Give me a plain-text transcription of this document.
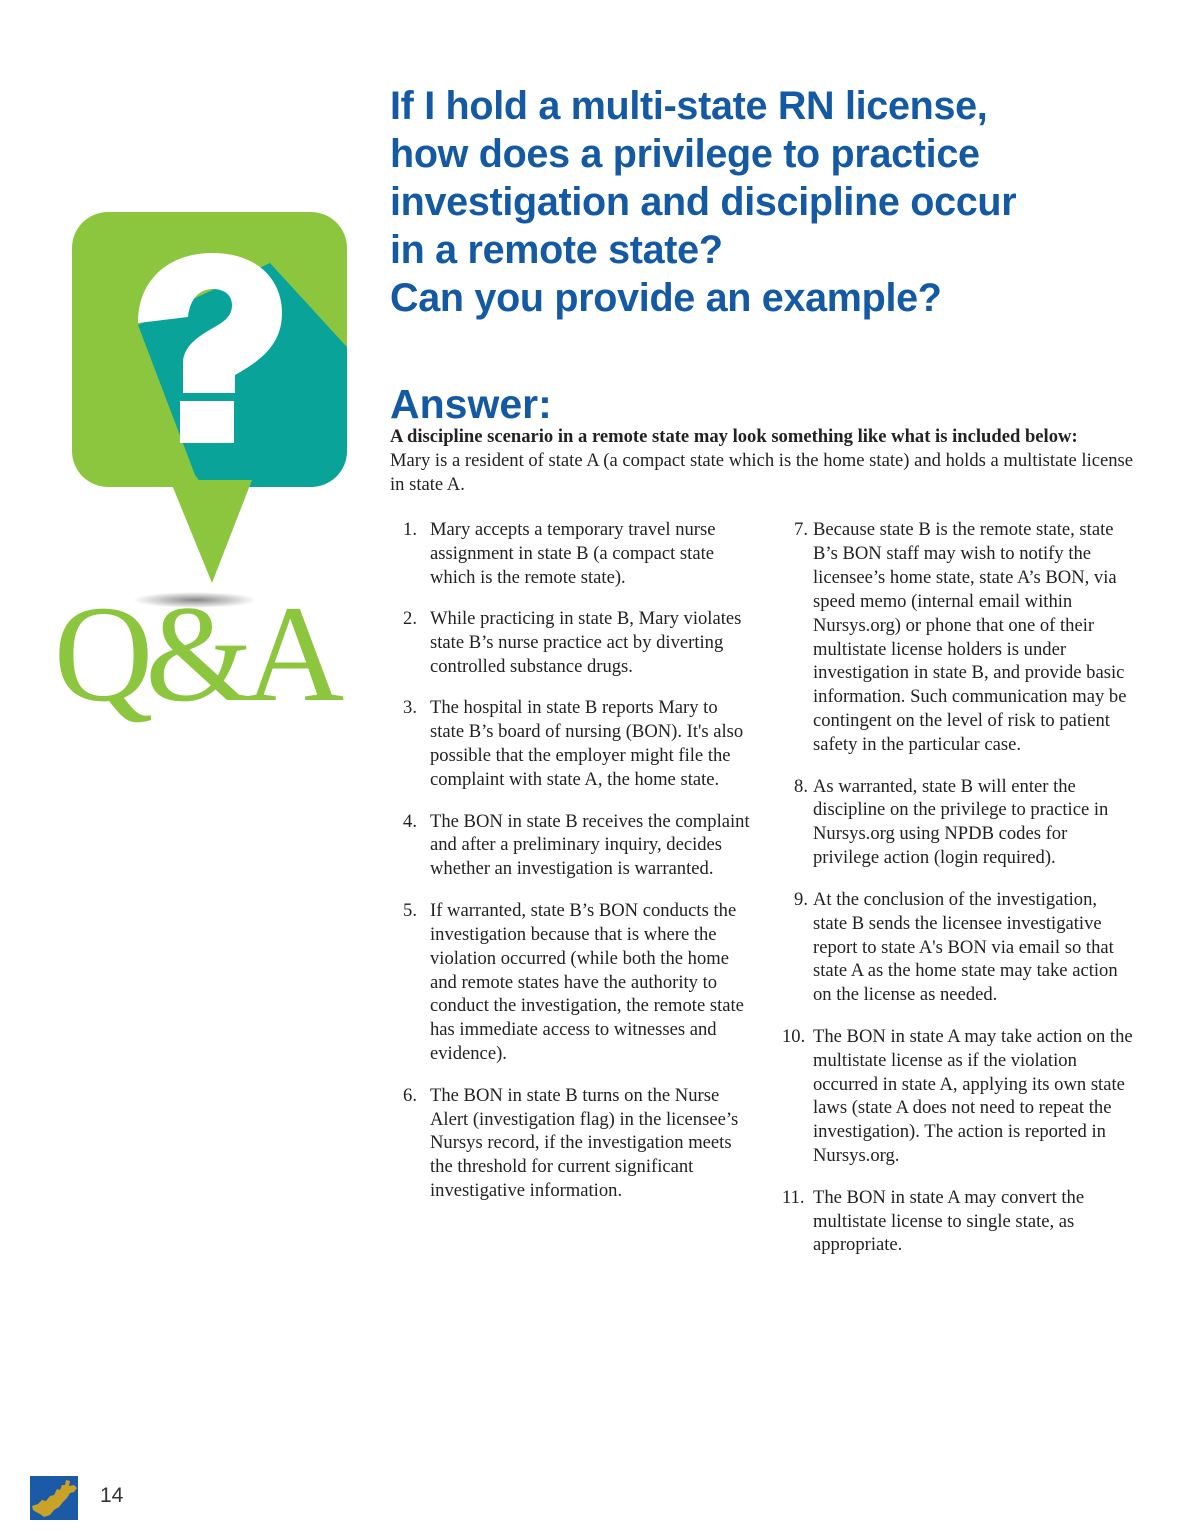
Q&A
If I hold a multi-state RN license,
how does a privilege to practice
investigation and discipline occur
in a remote state?
Can you provide an example?
Answer:
A discipline scenario in a remote state may look something like what is included below:
Mary is a resident of state A (a compact state which is the home state) and holds a multistate license in state A.
1. Mary accepts a temporary travel nurse assignment in state B (a compact state which is the remote state).
2. While practicing in state B, Mary violates state B’s nurse practice act by diverting controlled substance drugs.
3. The hospital in state B reports Mary to state B’s board of nursing (BON). It's also possible that the employer might file the complaint with state A, the home state.
4. The BON in state B receives the complaint and after a preliminary inquiry, decides whether an investigation is warranted.
5. If warranted, state B’s BON conducts the investigation because that is where the violation occurred (while both the home and remote states have the authority to conduct the investigation, the remote state has immediate access to witnesses and evidence).
6. The BON in state B turns on the Nurse Alert (investigation flag) in the licensee’s Nursys record, if the investigation meets the threshold for current significant investigative information.
7. Because state B is the remote state, state B’s BON staff may wish to notify the licensee’s home state, state A’s BON, via speed memo (internal email within Nursys.org) or phone that one of their multistate license holders is under investigation in state B, and provide basic information. Such communication may be contingent on the level of risk to patient safety in the particular case.
8. As warranted, state B will enter the discipline on the privilege to practice in Nursys.org using NPDB codes for privilege action (login required).
9. At the conclusion of the investigation, state B sends the licensee investigative report to state A's BON via email so that state A as the home state may take action on the license as needed.
10. The BON in state A may take action on the multistate license as if the violation occurred in state A, applying its own state laws (state A does not need to repeat the investigation). The action is reported in Nursys.org.
11. The BON in state A may convert the multistate license to single state, as appropriate.
14
